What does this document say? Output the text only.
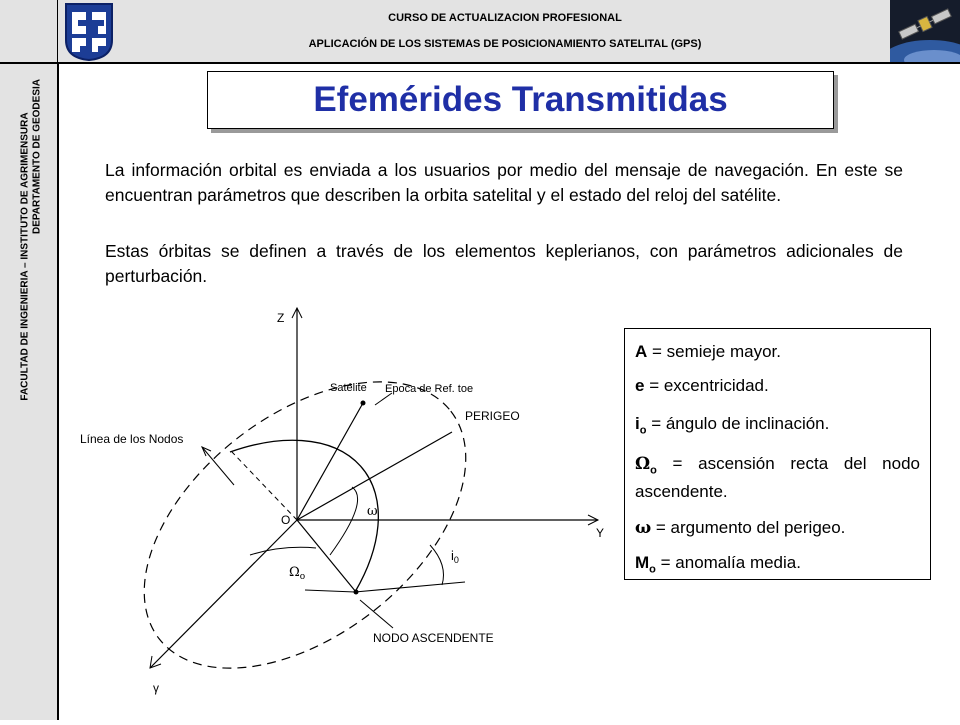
CURSO DE ACTUALIZACION PROFESIONAL
APLICACIÓN DE LOS SISTEMAS DE POSICIONAMIENTO SATELITAL (GPS)
FACULTAD DE INGENIERIA – INSTITUTO DE AGRIMENSURA DEPARTAMENTO DE GEODESIA	Efemérides Transmitidas
La información orbital es enviada a los usuarios por medio del mensaje de navegación. En este se encuentran parámetros que describen la orbita satelital y el estado del reloj del satélite.
Estas órbitas se definen a través de los elementos keplerianos, con parámetros adicionales de perturbación.
Z
Y
γ
O
Satélite Epoca de Ref. toe
PERIGEO
Línea de los Nodos
ω
$\Omega_o$
$i_0$
NODO ASCENDENTE
A = semieje mayor.
e = excentricidad.
$i_o$ = ángulo de inclinación.
$\Omega_o$ = ascensión recta del nodo ascendente.
ω = argumento del perigeo.
$M_o$ = anomalía media.
